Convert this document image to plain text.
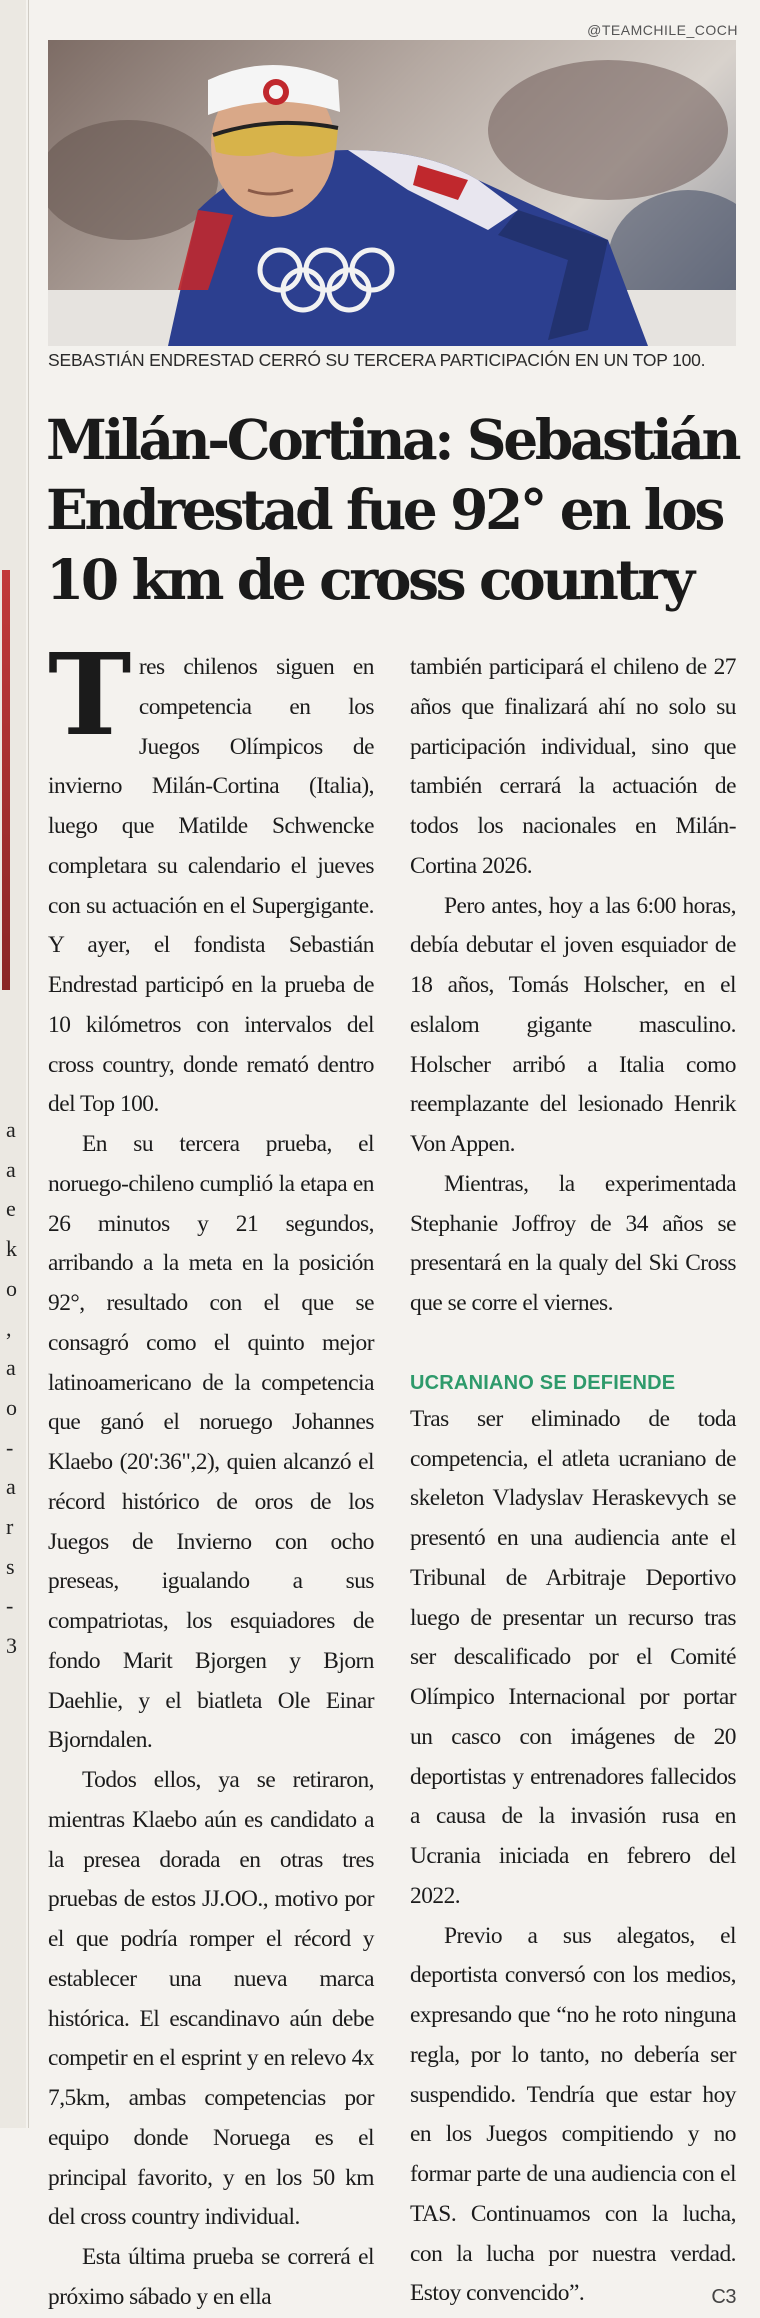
a
a
e
k
o
,
a
o
-
a
r
s
-
3
@TEAMCHILE_COCH
SEBASTIÁN ENDRESTAD CERRÓ SU TERCERA PARTICIPACIÓN EN UN TOP 100.
Milán-Cortina: Sebastián Endrestad fue 92° en los 10 km de cross country

Tres chilenos siguen en competencia en los Juegos Olímpicos de invierno Milán-Cortina (Italia), luego que Matilde Schwencke completara su calendario el jueves con su actuación en el Supergigante. Y ayer, el fondista Sebastián Endrestad participó en la prueba de 10 kilómetros con intervalos del cross country, donde remató dentro del Top 100.

En su tercera prueba, el noruego-chileno cumplió la etapa en 26 minutos y 21 segundos, arribando a la meta en la posición 92°, resultado con el que se consagró como el quinto mejor latinoamericano de la competencia que ganó el noruego Johannes Klaebo (20':36",2), quien alcanzó el récord histórico de oros de los Juegos de Invierno con ocho preseas, igualando a sus compatriotas, los esquiadores de fondo Marit Bjorgen y Bjorn Daehlie, y el biatleta Ole Einar Bjorndalen.

Todos ellos, ya se retiraron, mientras Klaebo aún es candidato a la presea dorada en otras tres pruebas de estos JJ.OO., motivo por el que podría romper el récord y establecer una nueva marca histórica. El escandinavo aún debe competir en el esprint y en relevo 4x 7,5km, ambas competencias por equipo donde Noruega es el principal favorito, y en los 50 km del cross country individual.

Esta última prueba se correrá el próximo sábado y en ella

también participará el chileno de 27 años que finalizará ahí no solo su participación individual, sino que también cerrará la actuación de todos los nacionales en Milán-Cortina 2026.

Pero antes, hoy a las 6:00 horas, debía debutar el joven esquiador de 18 años, Tomás Holscher, en el eslalom gigante masculino. Holscher arribó a Italia como reemplazante del lesionado Henrik Von Appen.

Mientras, la experimentada Stephanie Joffroy de 34 años se presentará en la qualy del Ski Cross que se corre el viernes.

UCRANIANO SE DEFIENDE

Tras ser eliminado de toda competencia, el atleta ucraniano de skeleton Vladyslav Heraskevych se presentó en una audiencia ante el Tribunal de Arbitraje Deportivo luego de presentar un recurso tras ser descalificado por el Comité Olímpico Internacional por portar un casco con imágenes de 20 deportistas y entrenadores fallecidos a causa de la invasión rusa en Ucrania iniciada en febrero del 2022.

Previo a sus alegatos, el deportista conversó con los medios, expresando que “no he roto ninguna regla, por lo tanto, no debería ser suspendido. Tendría que estar hoy en los Juegos compitiendo y no formar parte de una audiencia con el TAS. Continuamos con la lucha, con la lucha por nuestra verdad. Estoy convencido”.	C3
